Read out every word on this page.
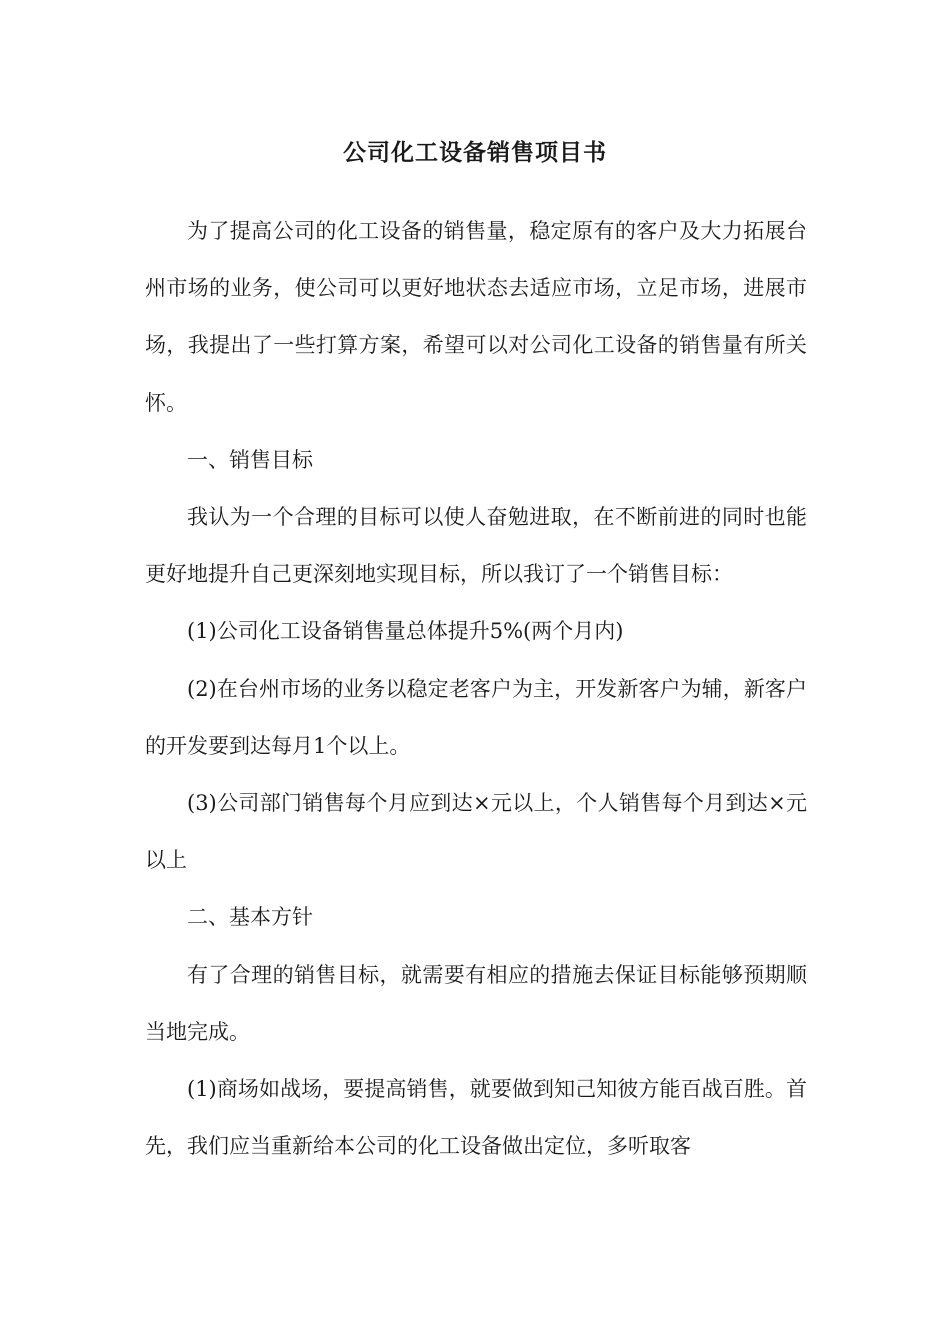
公司化工设备销售项目书

为了提高公司的化工设备的销售量，稳定原有的客户及大力拓展台州市场的业务，使公司可以更好地状态去适应市场，立足市场，进展市场，我提出了一些打算方案，希望可以对公司化工设备的销售量有所关怀。

一、销售目标

我认为一个合理的目标可以使人奋勉进取，在不断前进的同时也能更好地提升自己更深刻地实现目标，所以我订了一个销售目标：

(1)公司化工设备销售量总体提升5%(两个月内)

(2)在台州市场的业务以稳定老客户为主，开发新客户为辅，新客户的开发要到达每月1个以上。

(3)公司部门销售每个月应到达×元以上，个人销售每个月到达×元以上

二、基本方针

有了合理的销售目标，就需要有相应的措施去保证目标能够预期顺当地完成。

(1)商场如战场，要提高销售，就要做到知己知彼方能百战百胜。首先，我们应当重新给本公司的化工设备做出定位，多听取客
